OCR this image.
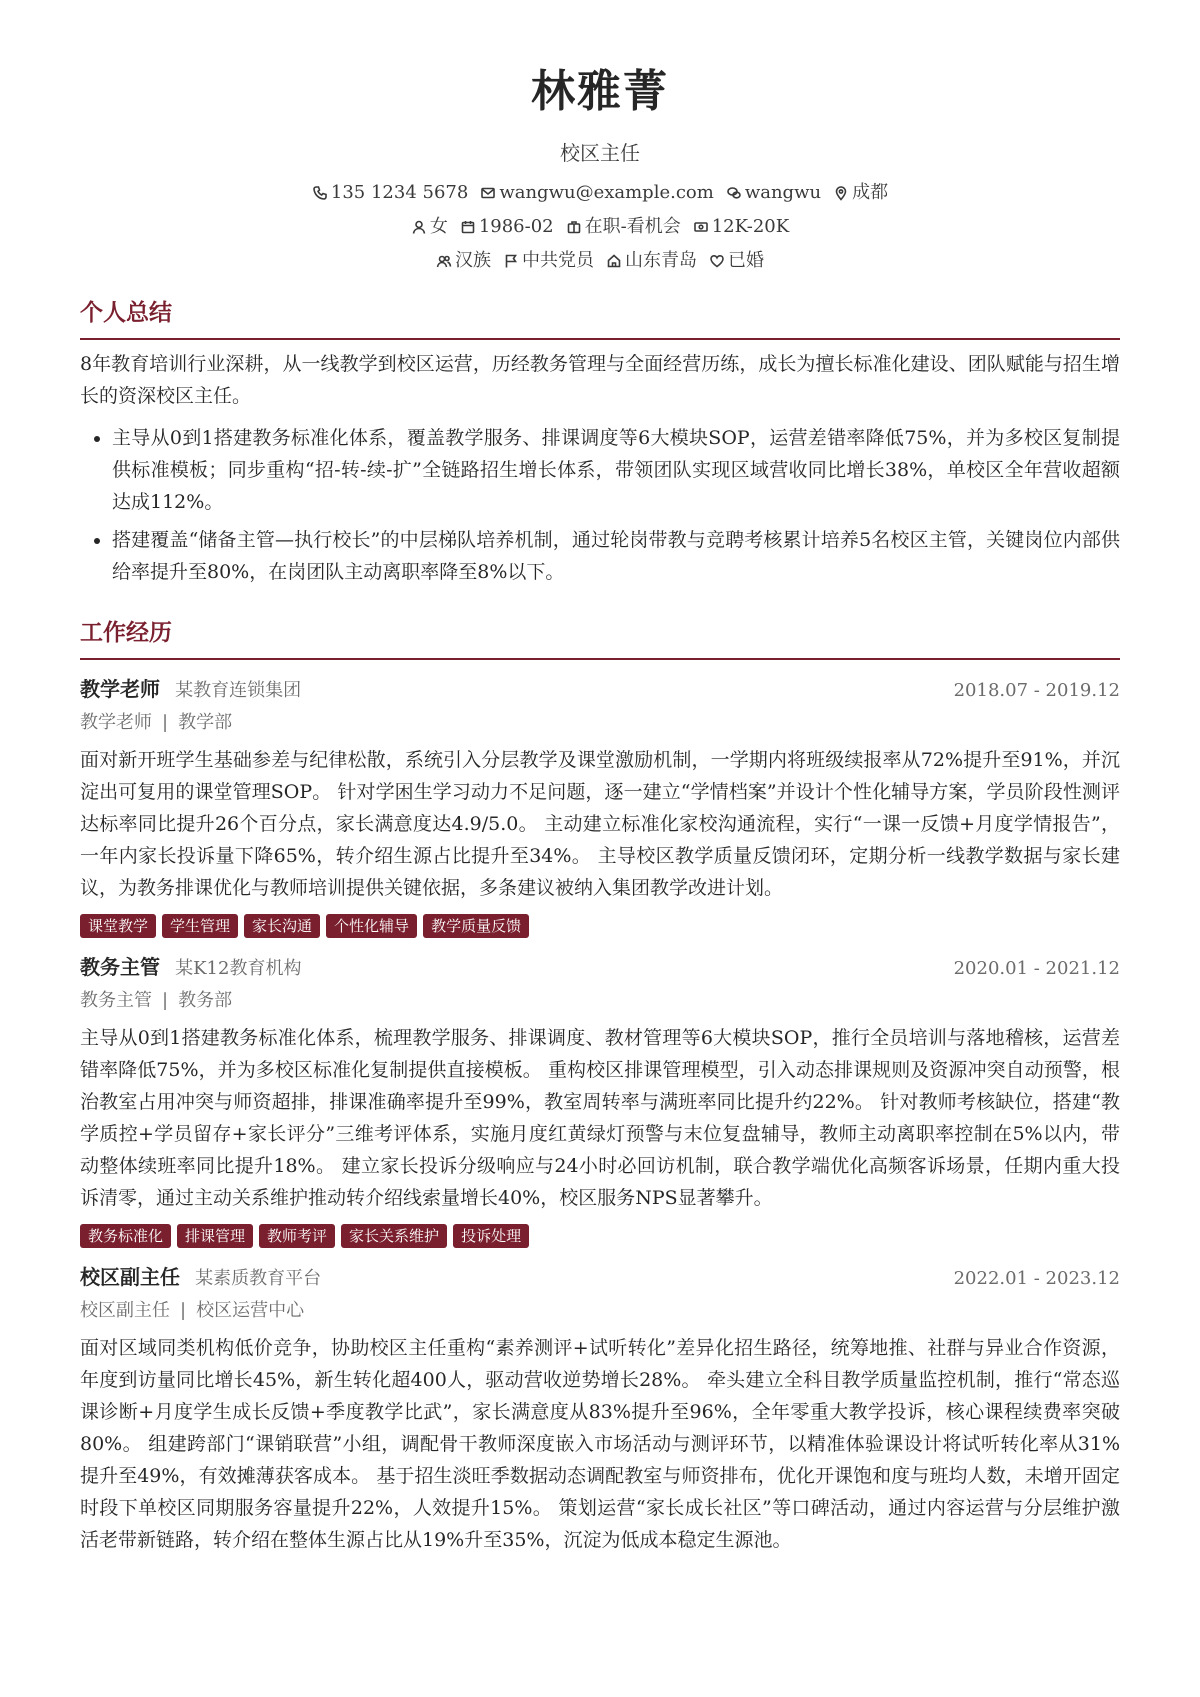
林雅菁
校区主任
135 1234 5678 wangwu@example.com wangwu 成都
女 1986-02 在职-看机会 12K-20K
汉族 中共党员 山东青岛 已婚
个人总结
8年教育培训行业深耕，从一线教学到校区运营，历经教务管理与全面经营历练，成长为擅长标准化建设、团队赋能与招生增长的资深校区主任。
• 主导从0到1搭建教务标准化体系，覆盖教学服务、排课调度等6大模块SOP，运营差错率降低75%，并为多校区复制提供标准模板；同步重构“招-转-续-扩”全链路招生增长体系，带领团队实现区域营收同比增长38%，单校区全年营收超额达成112%。
• 搭建覆盖“储备主管—执行校长”的中层梯队培养机制，通过轮岗带教与竞聘考核累计培养5名校区主管，关键岗位内部供给率提升至80%，在岗团队主动离职率降至8%以下。
工作经历
教学老师 某教育连锁集团	2018.07 - 2019.12
教学老师 | 教学部
面对新开班学生基础参差与纪律松散，系统引入分层教学及课堂激励机制，一学期内将班级续报率从72%提升至91%，并沉淀出可复用的课堂管理SOP。 针对学困生学习动力不足问题，逐一建立“学情档案”并设计个性化辅导方案，学员阶段性测评达标率同比提升26个百分点，家长满意度达4.9/5.0。 主动建立标准化家校沟通流程，实行“一课一反馈+月度学情报告”，一年内家长投诉量下降65%，转介绍生源占比提升至34%。 主导校区教学质量反馈闭环，定期分析一线教学数据与家长建议，为教务排课优化与教师培训提供关键依据，多条建议被纳入集团教学改进计划。
课堂教学	学生管理	家长沟通	个性化辅导	教学质量反馈
教务主管 某K12教育机构	2020.01 - 2021.12
教务主管 | 教务部
主导从0到1搭建教务标准化体系，梳理教学服务、排课调度、教材管理等6大模块SOP，推行全员培训与落地稽核，运营差错率降低75%，并为多校区标准化复制提供直接模板。 重构校区排课管理模型，引入动态排课规则及资源冲突自动预警，根治教室占用冲突与师资超排，排课准确率提升至99%，教室周转率与满班率同比提升约22%。 针对教师考核缺位，搭建“教学质控+学员留存+家长评分”三维考评体系，实施月度红黄绿灯预警与末位复盘辅导，教师主动离职率控制在5%以内，带动整体续班率同比提升18%。 建立家长投诉分级响应与24小时必回访机制，联合教学端优化高频客诉场景，任期内重大投诉清零，通过主动关系维护推动转介绍线索量增长40%，校区服务NPS显著攀升。
教务标准化	排课管理	教师考评	家长关系维护	投诉处理
校区副主任 某素质教育平台	2022.01 - 2023.12
校区副主任 | 校区运营中心
面对区域同类机构低价竞争，协助校区主任重构“素养测评+试听转化”差异化招生路径，统筹地推、社群与异业合作资源，年度到访量同比增长45%，新生转化超400人，驱动营收逆势增长28%。 牵头建立全科目教学质量监控机制，推行“常态巡课诊断+月度学生成长反馈+季度教学比武”，家长满意度从83%提升至96%，全年零重大教学投诉，核心课程续费率突破80%。 组建跨部门“课销联营”小组，调配骨干教师深度嵌入市场活动与测评环节，以精准体验课设计将试听转化率从31%提升至49%，有效摊薄获客成本。 基于招生淡旺季数据动态调配教室与师资排布，优化开课饱和度与班均人数，未增开固定时段下单校区同期服务容量提升22%，人效提升15%。 策划运营“家长成长社区”等口碑活动，通过内容运营与分层维护激活老带新链路，转介绍在整体生源占比从19%升至35%，沉淀为低成本稳定生源池。
